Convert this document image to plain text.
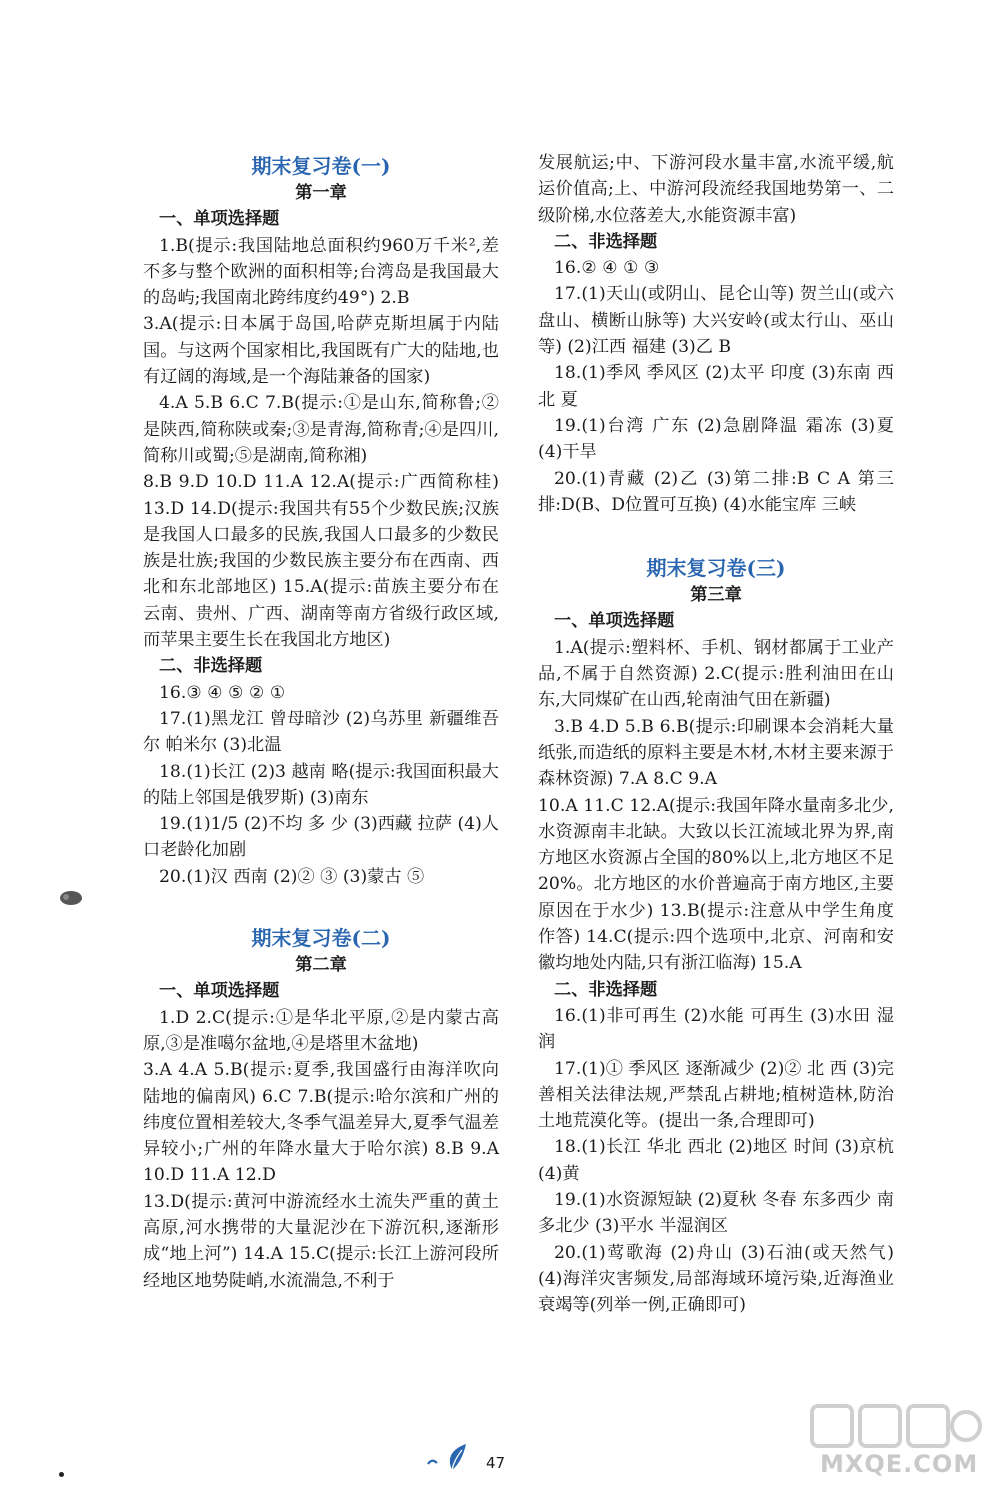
期末复习卷(一)

第一章

一、单项选择题

1.B(提示:我国陆地总面积约960万千米²,差不多与整个欧洲的面积相等;台湾岛是我国最大的岛屿;我国南北跨纬度约49°) 2.B

3.A(提示:日本属于岛国,哈萨克斯坦属于内陆国。与这两个国家相比,我国既有广大的陆地,也有辽阔的海域,是一个海陆兼备的国家)

4.A 5.B 6.C 7.B(提示:①是山东,简称鲁;②是陕西,简称陕或秦;③是青海,简称青;④是四川,简称川或蜀;⑤是湖南,简称湘)

8.B 9.D 10.D 11.A 12.A(提示:广西简称桂) 13.D 14.D(提示:我国共有55个少数民族;汉族是我国人口最多的民族,我国人口最多的少数民族是壮族;我国的少数民族主要分布在西南、西北和东北部地区) 15.A(提示:苗族主要分布在云南、贵州、广西、湖南等南方省级行政区域,而苹果主要生长在我国北方地区)

二、非选择题

16.③ ④ ⑤ ② ①

17.(1)黑龙江 曾母暗沙 (2)乌苏里 新疆维吾尔 帕米尔 (3)北温

18.(1)长江 (2)3 越南 略(提示:我国面积最大的陆上邻国是俄罗斯) (3)南东

19.(1)1/5 (2)不均 多 少 (3)西藏 拉萨 (4)人口老龄化加剧

20.(1)汉 西南 (2)② ③ (3)蒙古 ⑤

期末复习卷(二)

第二章

一、单项选择题

1.D 2.C(提示:①是华北平原,②是内蒙古高原,③是准噶尔盆地,④是塔里木盆地)

3.A 4.A 5.B(提示:夏季,我国盛行由海洋吹向陆地的偏南风) 6.C 7.B(提示:哈尔滨和广州的纬度位置相差较大,冬季气温差异大,夏季气温差异较小;广州的年降水量大于哈尔滨) 8.B 9.A 10.D 11.A 12.D

13.D(提示:黄河中游流经水土流失严重的黄土高原,河水携带的大量泥沙在下游沉积,逐渐形成“地上河”) 14.A 15.C(提示:长江上游河段所经地区地势陡峭,水流湍急,不利于

发展航运;中、下游河段水量丰富,水流平缓,航运价值高;上、中游河段流经我国地势第一、二级阶梯,水位落差大,水能资源丰富)

二、非选择题

16.② ④ ① ③

17.(1)天山(或阴山、昆仑山等) 贺兰山(或六盘山、横断山脉等) 大兴安岭(或太行山、巫山等) (2)江西 福建 (3)乙 B

18.(1)季风 季风区 (2)太平 印度 (3)东南 西北 夏

19.(1)台湾 广东 (2)急剧降温 霜冻 (3)夏 (4)干旱

20.(1)青藏 (2)乙 (3)第二排:B C A 第三排:D(B、D位置可互换) (4)水能宝库 三峡

期末复习卷(三)

第三章

一、单项选择题

1.A(提示:塑料杯、手机、钢材都属于工业产品,不属于自然资源) 2.C(提示:胜利油田在山东,大同煤矿在山西,轮南油气田在新疆)

3.B 4.D 5.B 6.B(提示:印刷课本会消耗大量纸张,而造纸的原料主要是木材,木材主要来源于森林资源) 7.A 8.C 9.A

10.A 11.C 12.A(提示:我国年降水量南多北少,水资源南丰北缺。大致以长江流域北界为界,南方地区水资源占全国的80%以上,北方地区不足20%。北方地区的水价普遍高于南方地区,主要原因在于水少) 13.B(提示:注意从中学生角度作答) 14.C(提示:四个选项中,北京、河南和安徽均地处内陆,只有浙江临海) 15.A

二、非选择题

16.(1)非可再生 (2)水能 可再生 (3)水田 湿润

17.(1)① 季风区 逐渐减少 (2)② 北 西 (3)完善相关法律法规,严禁乱占耕地;植树造林,防治土地荒漠化等。(提出一条,合理即可)

18.(1)长江 华北 西北 (2)地区 时间 (3)京杭 (4)黄

19.(1)水资源短缺 (2)夏秋 冬春 东多西少 南多北少 (3)平水 半湿润区

20.(1)莺歌海 (2)舟山 (3)石油(或天然气) (4)海洋灾害频发,局部海域环境污染,近海渔业衰竭等(列举一例,正确即可)

47	MXQE.COM
